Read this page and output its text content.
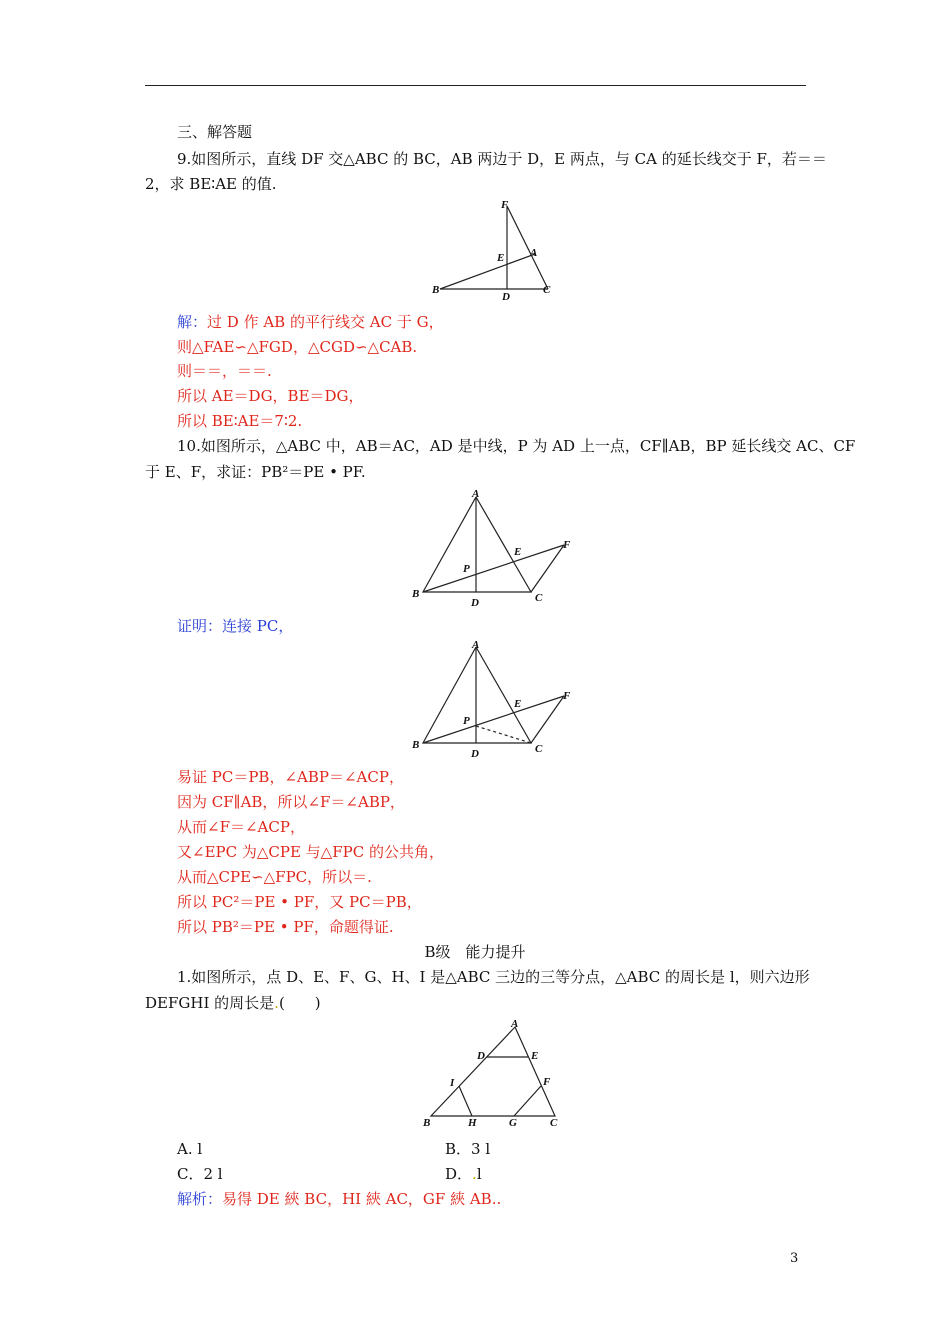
三、解答题
9.如图所示，直线 DF 交△ABC 的 BC，AB 两边于 D，E 两点，与 CA 的延长线交于 F，若＝＝
2，求 BE∶AE 的值.
F
A
E
B
D
C
解：过 D 作 AB 的平行线交 AC 于 G，
则△FAE∽△FGD，△CGD∽△CAB.
则＝＝，＝＝.
所以 AE＝DG，BE＝DG，
所以 BE∶AE＝7∶2.
10.如图所示，△ABC 中，AB＝AC，AD 是中线，P 为 AD 上一点，CF∥AB，BP 延长线交 AC、CF
于 E、F，求证：PB²＝PE • PF.
A
B	C
D
E
F
P
证明：连接 PC，
A
B	C
D
E
F
P
易证 PC＝PB，∠ABP＝∠ACP，
因为 CF∥AB，所以∠F＝∠ABP，
从而∠F＝∠ACP，
又∠EPC 为△CPE 与△FPC 的公共角，
从而△CPE∽△FPC，所以＝.
所以 PC²＝PE • PF，又 PC＝PB，
所以 PB²＝PE • PF，命题得证.
B级　能力提升
1.如图所示，点 D、E、F、G、H、I 是△ABC 三边的三等分点，△ABC 的周长是 l，则六边形
DEFGHI 的周长是.(　　)
A
B	C
D	E
F
G
H
I
A. l	B．3 l
C．2 l	D．.l
解析：易得 DE 綊 BC，HI 綊 AC，GF 綊 AB..
3
